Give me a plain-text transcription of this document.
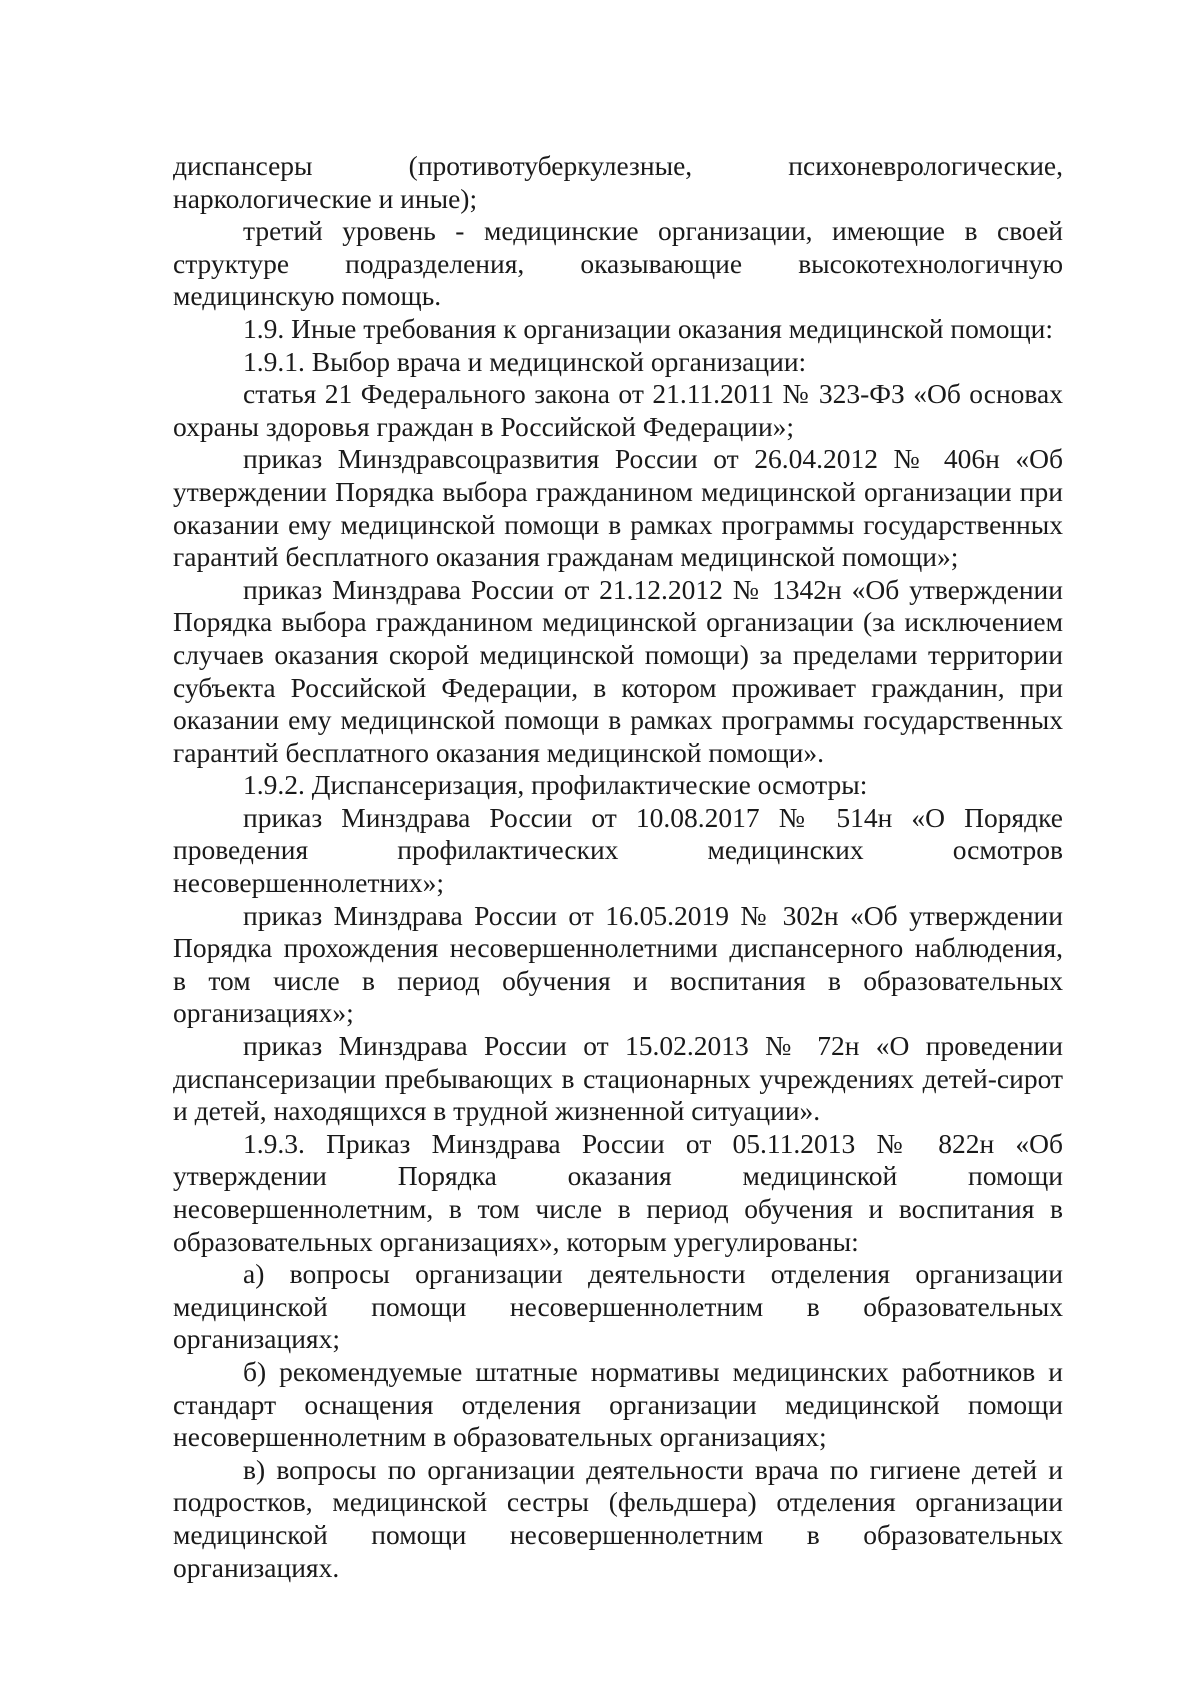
диспансеры (противотуберкулезные, психоневрологические, наркологические и иные);

третий уровень - медицинские организации, имеющие в своей структуре подразделения, оказывающие высокотехнологичную медицинскую помощь.

1.9. Иные требования к организации оказания медицинской помощи:

1.9.1. Выбор врача и медицинской организации:

статья 21 Федерального закона от 21.11.2011 № 323-ФЗ «Об основах охраны здоровья граждан в Российской Федерации»;

приказ Минздравсоцразвития России от 26.04.2012 № 406н «Об утверждении Порядка выбора гражданином медицинской организации при оказании ему медицинской помощи в рамках программы государственных гарантий бесплатного оказания гражданам медицинской помощи»;

приказ Минздрава России от 21.12.2012 № 1342н «Об утверждении Порядка выбора гражданином медицинской организации (за исключением случаев оказания скорой медицинской помощи) за пределами территории субъекта Российской Федерации, в котором проживает гражданин, при оказании ему медицинской помощи в рамках программы государственных гарантий бесплатного оказания медицинской помощи».

1.9.2. Диспансеризация, профилактические осмотры:

приказ Минздрава России от 10.08.2017 № 514н «О Порядке проведения профилактических медицинских осмотров несовершеннолетних»;

приказ Минздрава России от 16.05.2019 № 302н «Об утверждении Порядка прохождения несовершеннолетними диспансерного наблюдения, в том числе в период обучения и воспитания в образовательных организациях»;

приказ Минздрава России от 15.02.2013 № 72н «О проведении диспансеризации пребывающих в стационарных учреждениях детей-сирот и детей, находящихся в трудной жизненной ситуации».

1.9.3. Приказ Минздрава России от 05.11.2013 № 822н «Об утверждении Порядка оказания медицинской помощи несовершеннолетним, в том числе в период обучения и воспитания в образовательных организациях», которым урегулированы:

а) вопросы организации деятельности отделения организации медицинской помощи несовершеннолетним в образовательных организациях;

б) рекомендуемые штатные нормативы медицинских работников и стандарт оснащения отделения организации медицинской помощи несовершеннолетним в образовательных организациях;

в) вопросы по организации деятельности врача по гигиене детей и подростков, медицинской сестры (фельдшера) отделения организации медицинской помощи несовершеннолетним в образовательных организациях.
